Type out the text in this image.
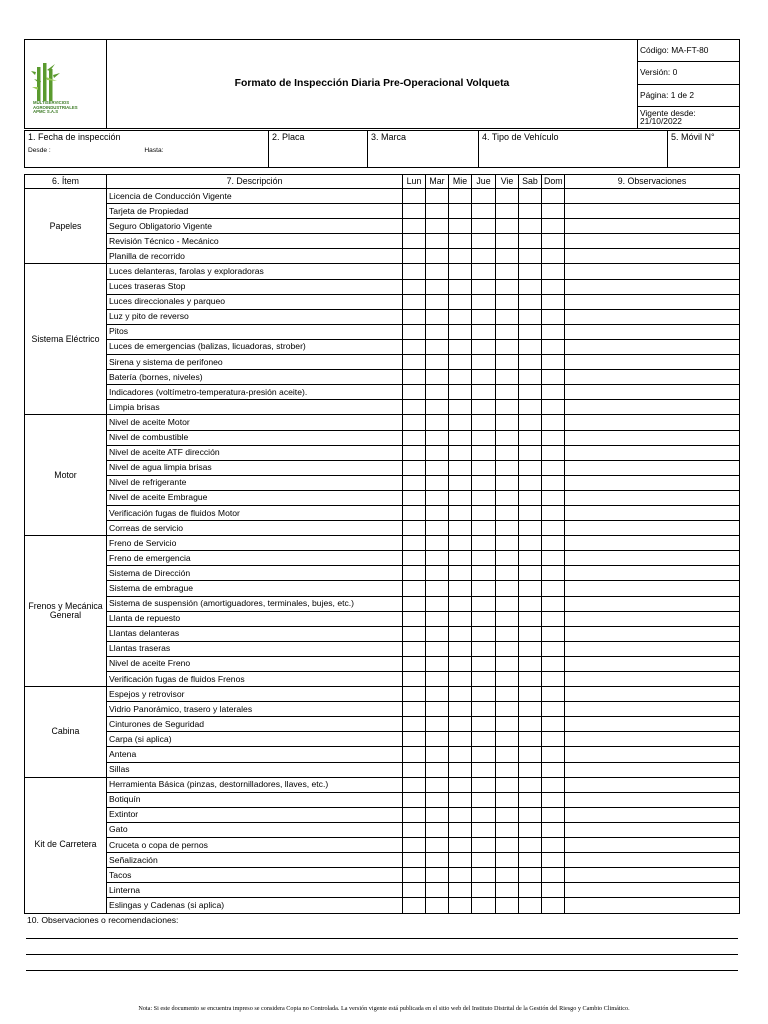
MULTISERVICIOS
AGROINDUSTRIALES
APMC S.A.S
	Formato de Inspección Diaria Pre-Operacional Volqueta	Código: MA-FT-80
Versión: 0
Página: 1 de 2
Vigente desde: 21/10/2022
1. Fecha de inspección
Desde :	Hasta:
	2. Placa	3. Marca	4. Tipo de Vehículo	5. Móvil N°
6. Ítem	7. Descripción	Lun	Mar	Mie	Jue	Vie	Sab	Dom	9. Observaciones
Papeles	Licencia de Conducción Vigente								
	Tarjeta de Propiedad								
	Seguro Obligatorio Vigente								
	Revisión Técnico - Mecánico								
	Planilla de recorrido								
Sistema Eléctrico	Luces delanteras, farolas y exploradoras								
	Luces traseras Stop								
	Luces direccionales y parqueo								
	Luz y pito de reverso								
	Pitos								
	Luces de emergencias (balizas, licuadoras, strober)								
	Sirena y sistema de perifoneo								
	Batería (bornes, niveles)								
	Indicadores (voltímetro-temperatura-presión aceite).								
	Limpia brisas								
Motor	Nivel de aceite Motor								
	Nivel de combustible								
	Nivel de aceite ATF dirección								
	Nivel de agua limpia brisas								
	Nivel de refrigerante								
	Nivel de aceite Embrague								
	Verificación fugas de fluidos Motor								
	Correas de servicio								
Frenos y Mecánica General	Freno de Servicio								
	Freno de emergencia								
	Sistema de Dirección								
	Sistema de embrague								
	Sistema de suspensión (amortiguadores, terminales, bujes, etc.)								
	Llanta de repuesto								
	Llantas delanteras								
	Llantas traseras								
	Nivel de aceite Freno								
	Verificación fugas de fluidos Frenos								
Cabina	Espejos y retrovisor								
	Vidrio Panorámico, trasero y laterales								
	Cinturones de Seguridad								
	Carpa (si aplica)								
	Antena								
	Sillas								
Kit de Carretera	Herramienta Básica (pinzas, destornilladores, llaves, etc.)								
	Botiquín								
	Extintor								
	Gato								
	Cruceta o copa de pernos								
	Señalización								
	Tacos								
	Linterna								
	Eslingas y Cadenas (si aplica)								
10. Observaciones o recomendaciones:
Nota: Si este documento se encuentra impreso se considera Copia no Controlada. La versión vigente está publicada en el sitio web del Instituto Distrital de la Gestión del Riesgo y Cambio Climático.
